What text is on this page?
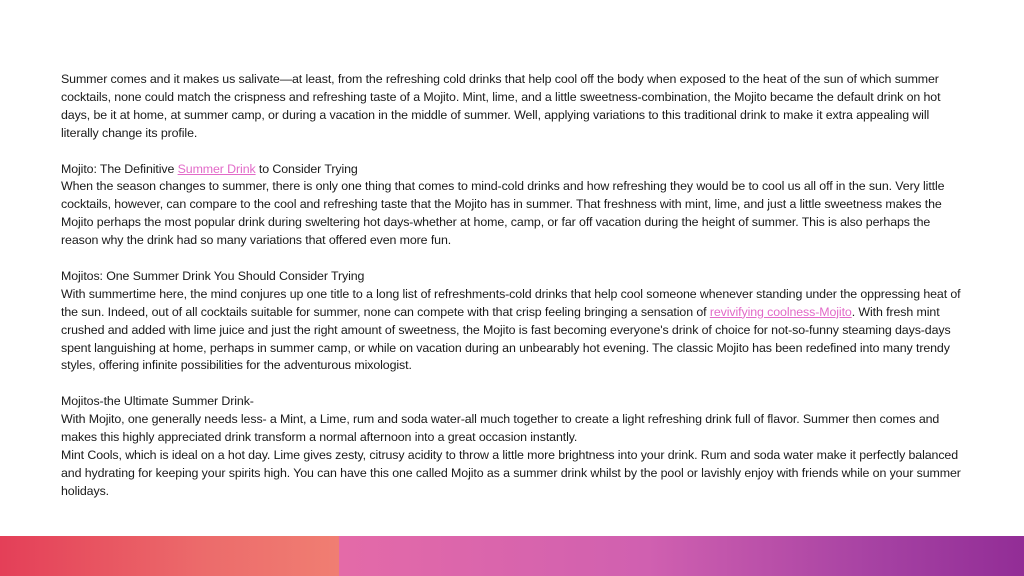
Summer comes and it makes us salivate—at least, from the refreshing cold drinks that help cool off the body when exposed to the heat of the sun of which summer cocktails, none could match the crispness and refreshing taste of a Mojito. Mint, lime, and a little sweetness-combination, the Mojito became the default drink on hot days, be it at home, at summer camp, or during a vacation in the middle of summer. Well, applying variations to this traditional drink to make it extra appealing will literally change its profile.

Mojito: The Definitive Summer Drink to Consider Trying

When the season changes to summer, there is only one thing that comes to mind-cold drinks and how refreshing they would be to cool us all off in the sun. Very little cocktails, however, can compare to the cool and refreshing taste that the Mojito has in summer. That freshness with mint, lime, and just a little sweetness makes the Mojito perhaps the most popular drink during sweltering hot days-whether at home, camp, or far off vacation during the height of summer. This is also perhaps the reason why the drink had so many variations that offered even more fun.

Mojitos: One Summer Drink You Should Consider Trying

With summertime here, the mind conjures up one title to a long list of refreshments-cold drinks that help cool someone whenever standing under the oppressing heat of the sun. Indeed, out of all cocktails suitable for summer, none can compete with that crisp feeling bringing a sensation of revivifying coolness-Mojito. With fresh mint crushed and added with lime juice and just the right amount of sweetness, the Mojito is fast becoming everyone's drink of choice for not-so-funny steaming days-days spent languishing at home, perhaps in summer camp, or while on vacation during an unbearably hot evening. The classic Mojito has been redefined into many trendy styles, offering infinite possibilities for the adventurous mixologist.

Mojitos-the Ultimate Summer Drink-

With Mojito, one generally needs less- a Mint, a Lime, rum and soda water-all much together to create a light refreshing drink full of flavor. Summer then comes and makes this highly appreciated drink transform a normal afternoon into a great occasion instantly.

Mint Cools, which is ideal on a hot day. Lime gives zesty, citrusy acidity to throw a little more brightness into your drink. Rum and soda water make it perfectly balanced and hydrating for keeping your spirits high. You can have this one called Mojito as a summer drink whilst by the pool or lavishly enjoy with friends while on your summer holidays.
